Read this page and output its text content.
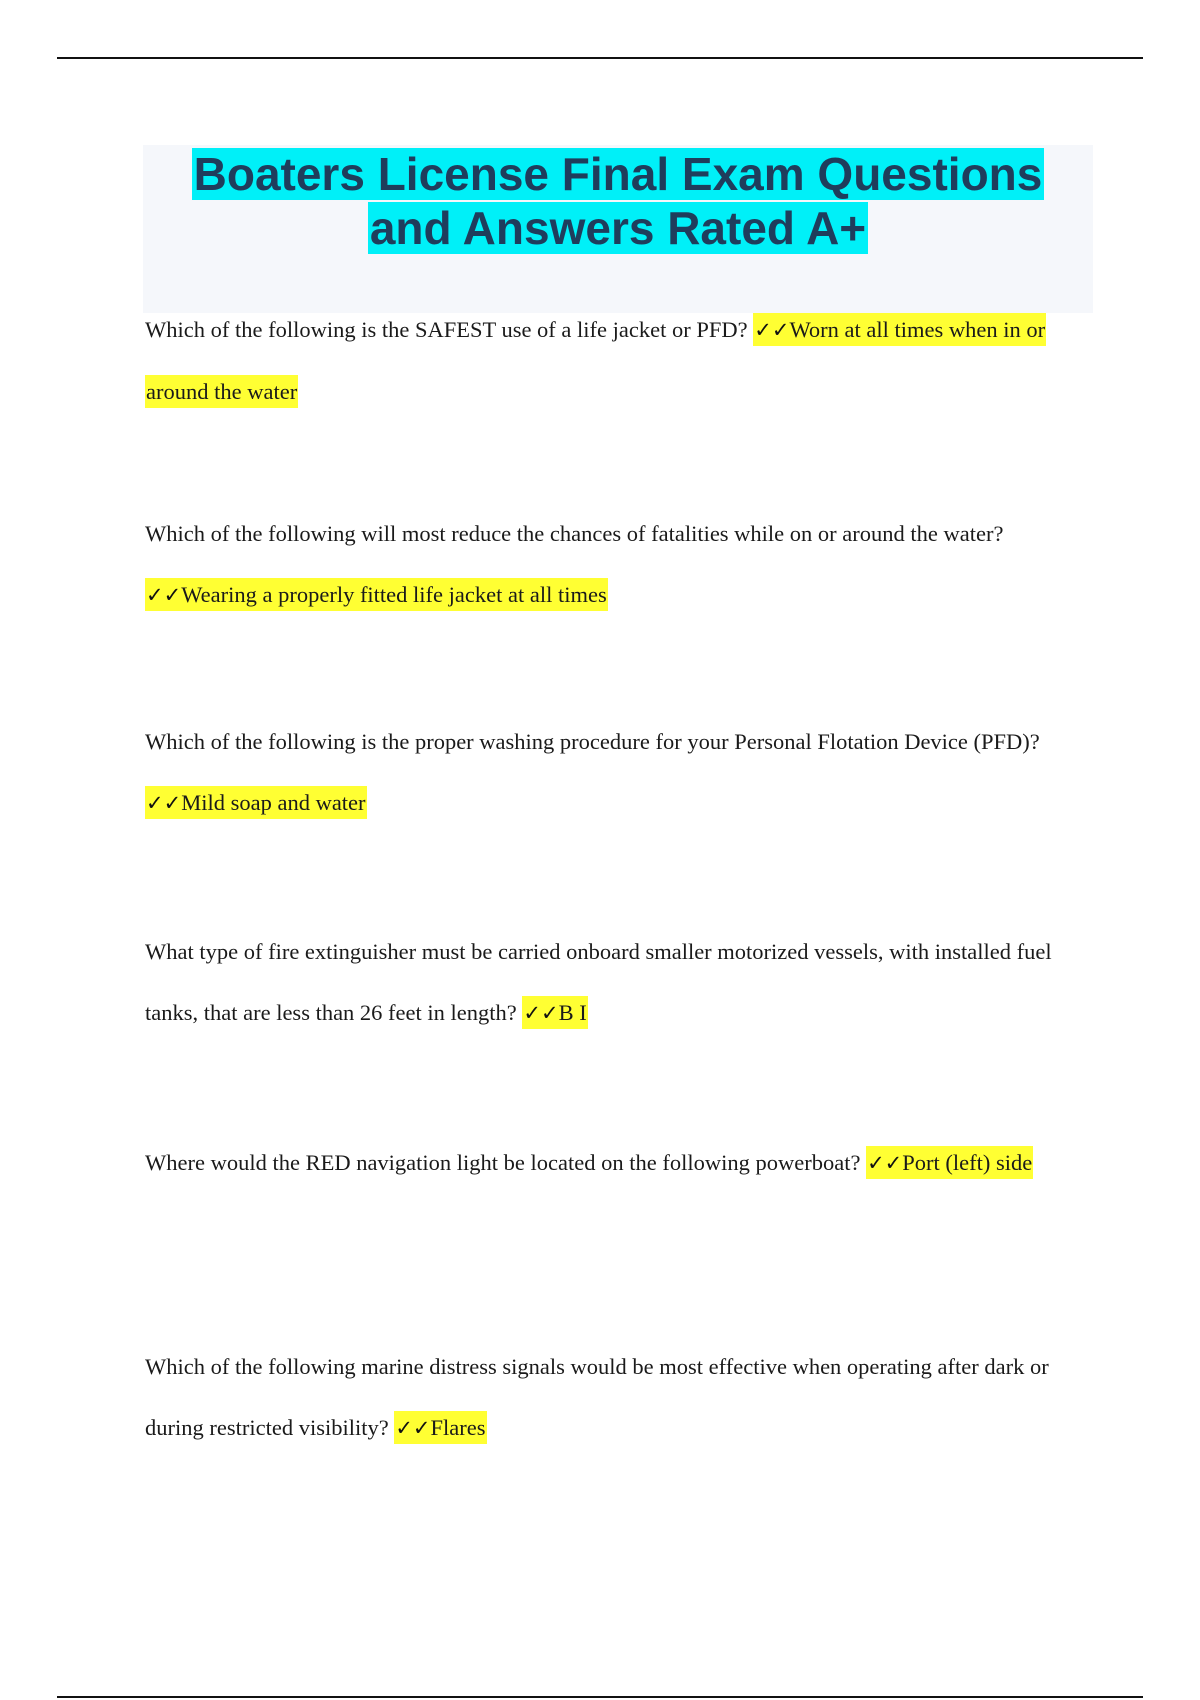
Boaters License Final Exam Questions
and Answers Rated A+

Which of the following is the SAFEST use of a life jacket or PFD? ✓✓Worn at all times when in or around the water

Which of the following will most reduce the chances of fatalities while on or around the water? ✓✓Wearing a properly fitted life jacket at all times

Which of the following is the proper washing procedure for your Personal Flotation Device (PFD)? ✓✓Mild soap and water

What type of fire extinguisher must be carried onboard smaller motorized vessels, with installed fuel tanks, that are less than 26 feet in length? ✓✓B I

Where would the RED navigation light be located on the following powerboat? ✓✓Port (left) side

Which of the following marine distress signals would be most effective when operating after dark or during restricted visibility? ✓✓Flares
